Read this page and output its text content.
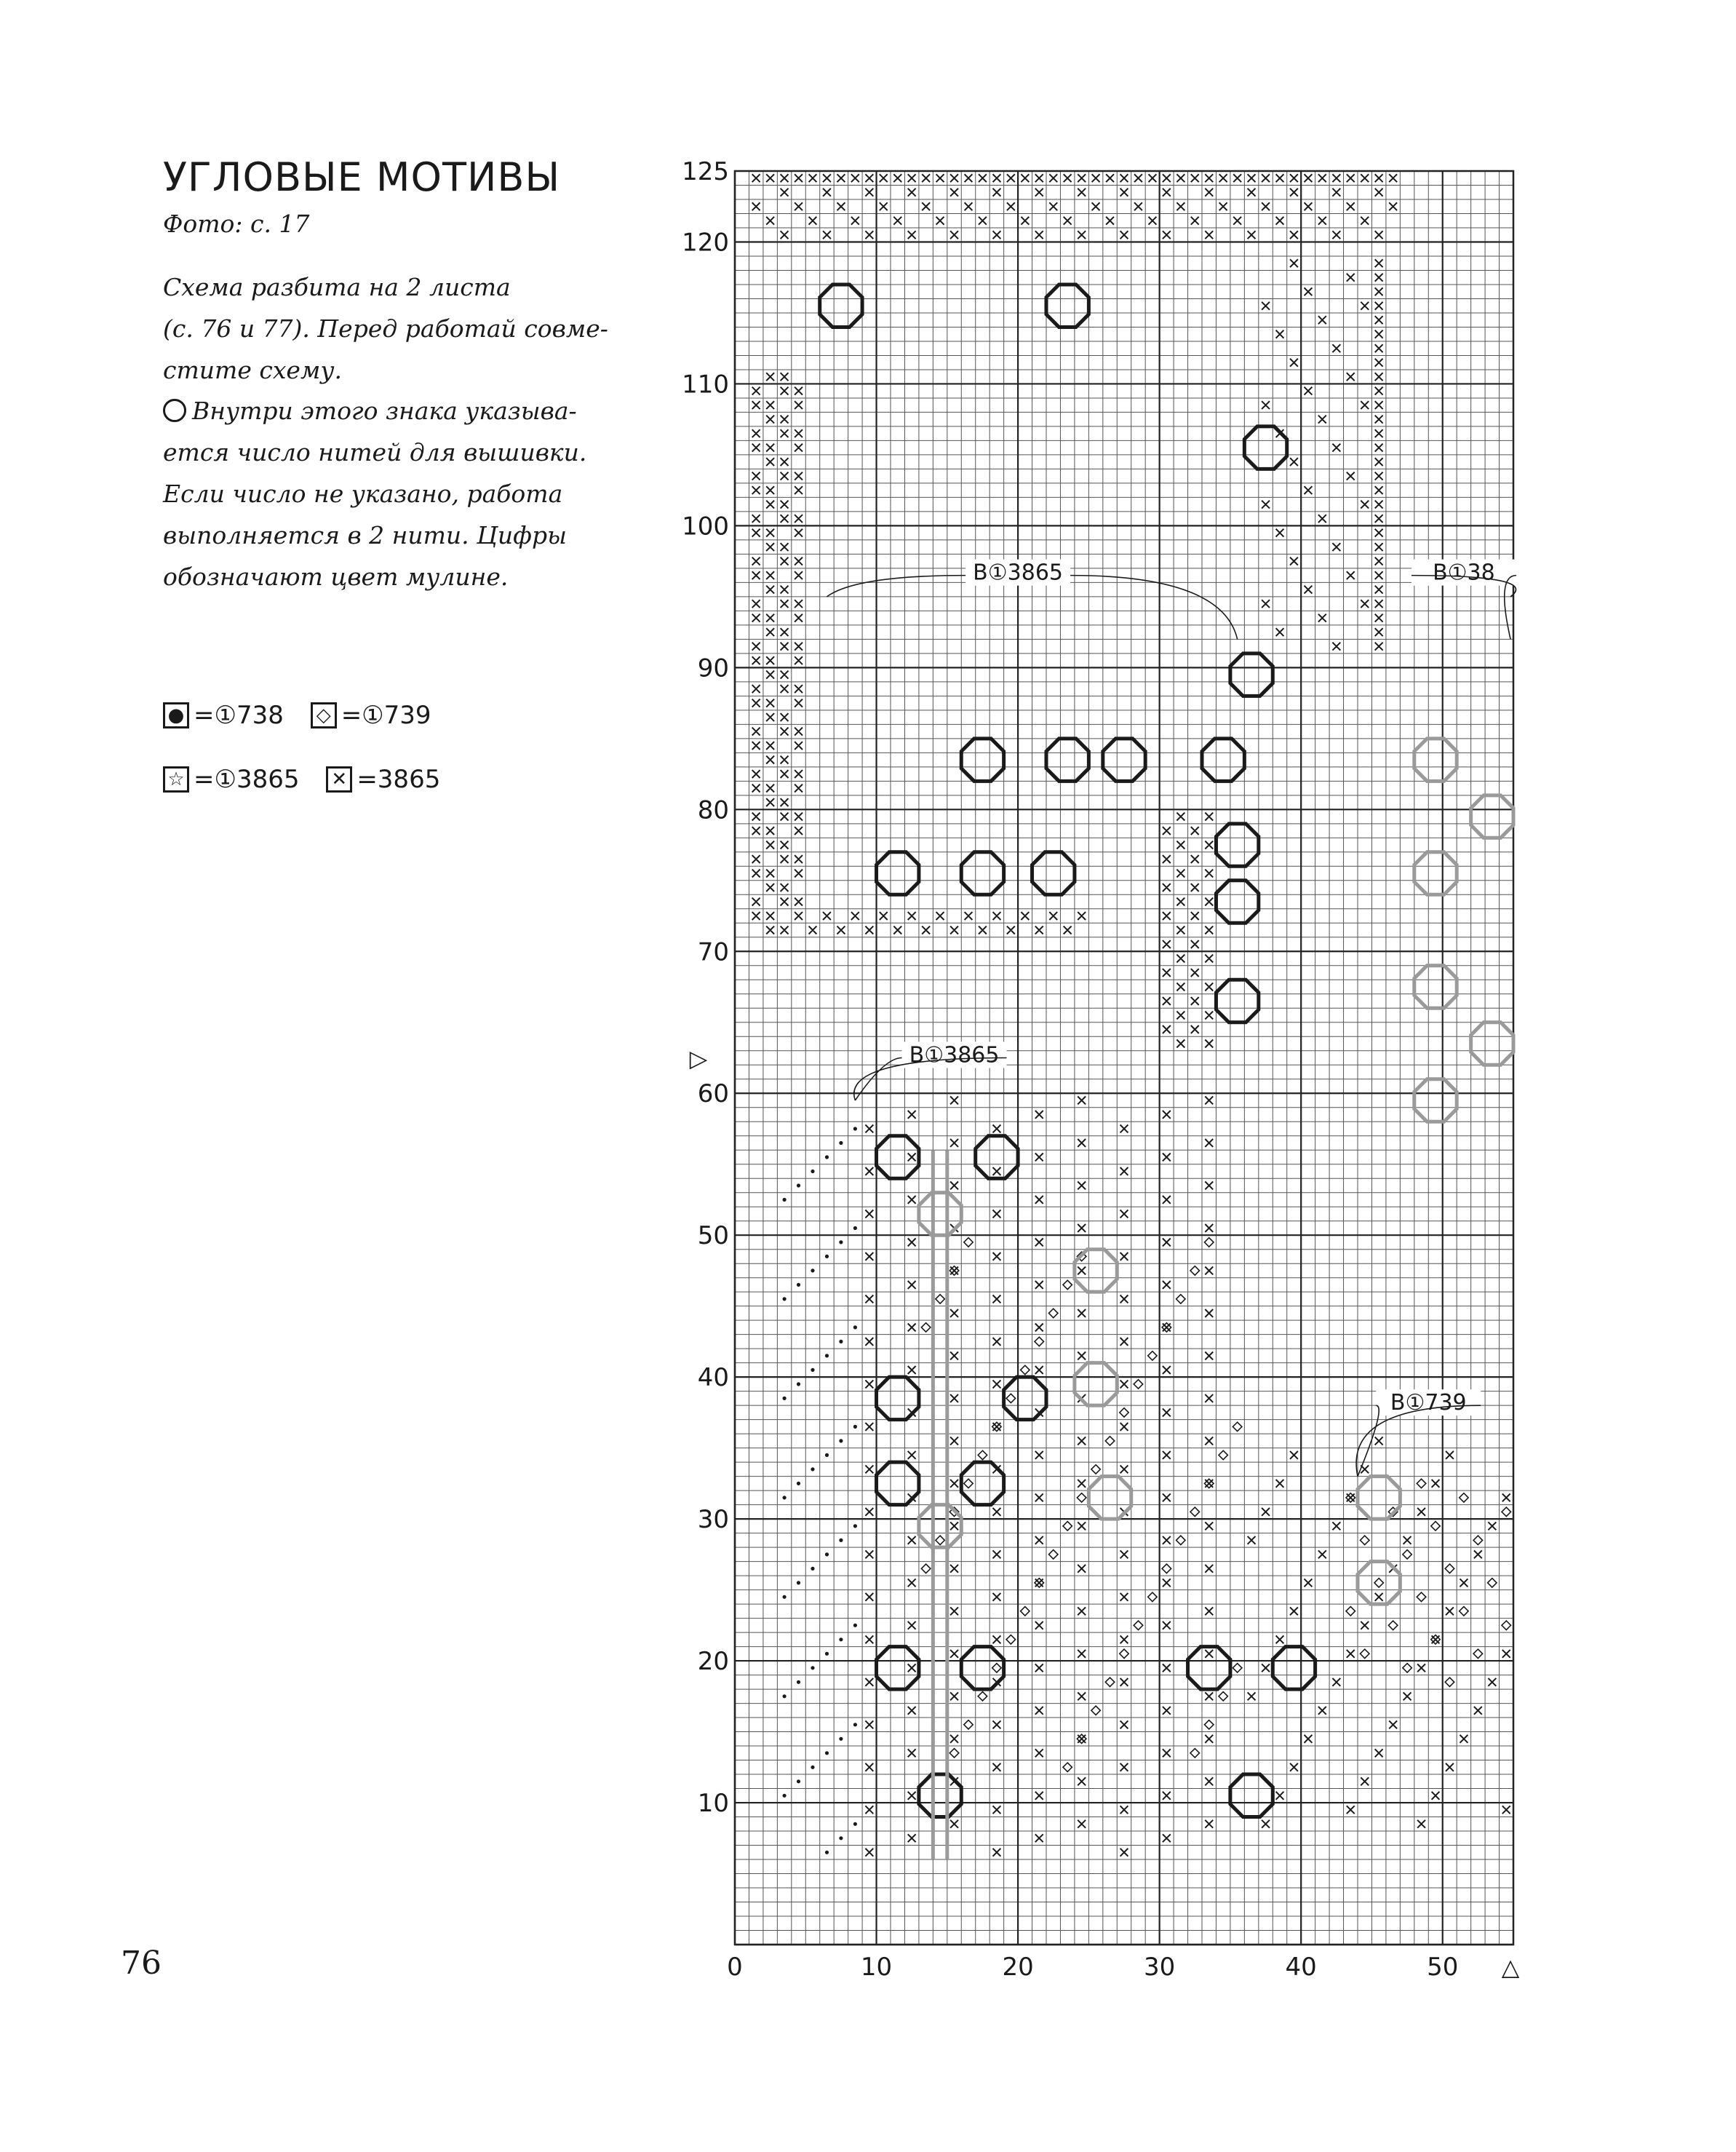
УГЛОВЫЕ МОТИВЫ
Фото: с. 17
Схема разбита на 2 листа
(с. 76 и 77). Перед работай совме-
стите схему.
Внутри этого знака указыва-
ется число нитей для вышивки.
Если число не указано, работа
выполняется в 2 нити. Цифры
обозначают цвет мулине.
● =①738
	◇ =①739
☆ =①3865
✕ =3865
0	10	20	30	40	50
125
120
110
100
90
80
70
60
50
40
30
20
10
△
▷
B①3865	B①38
B①3865
B①739
76
